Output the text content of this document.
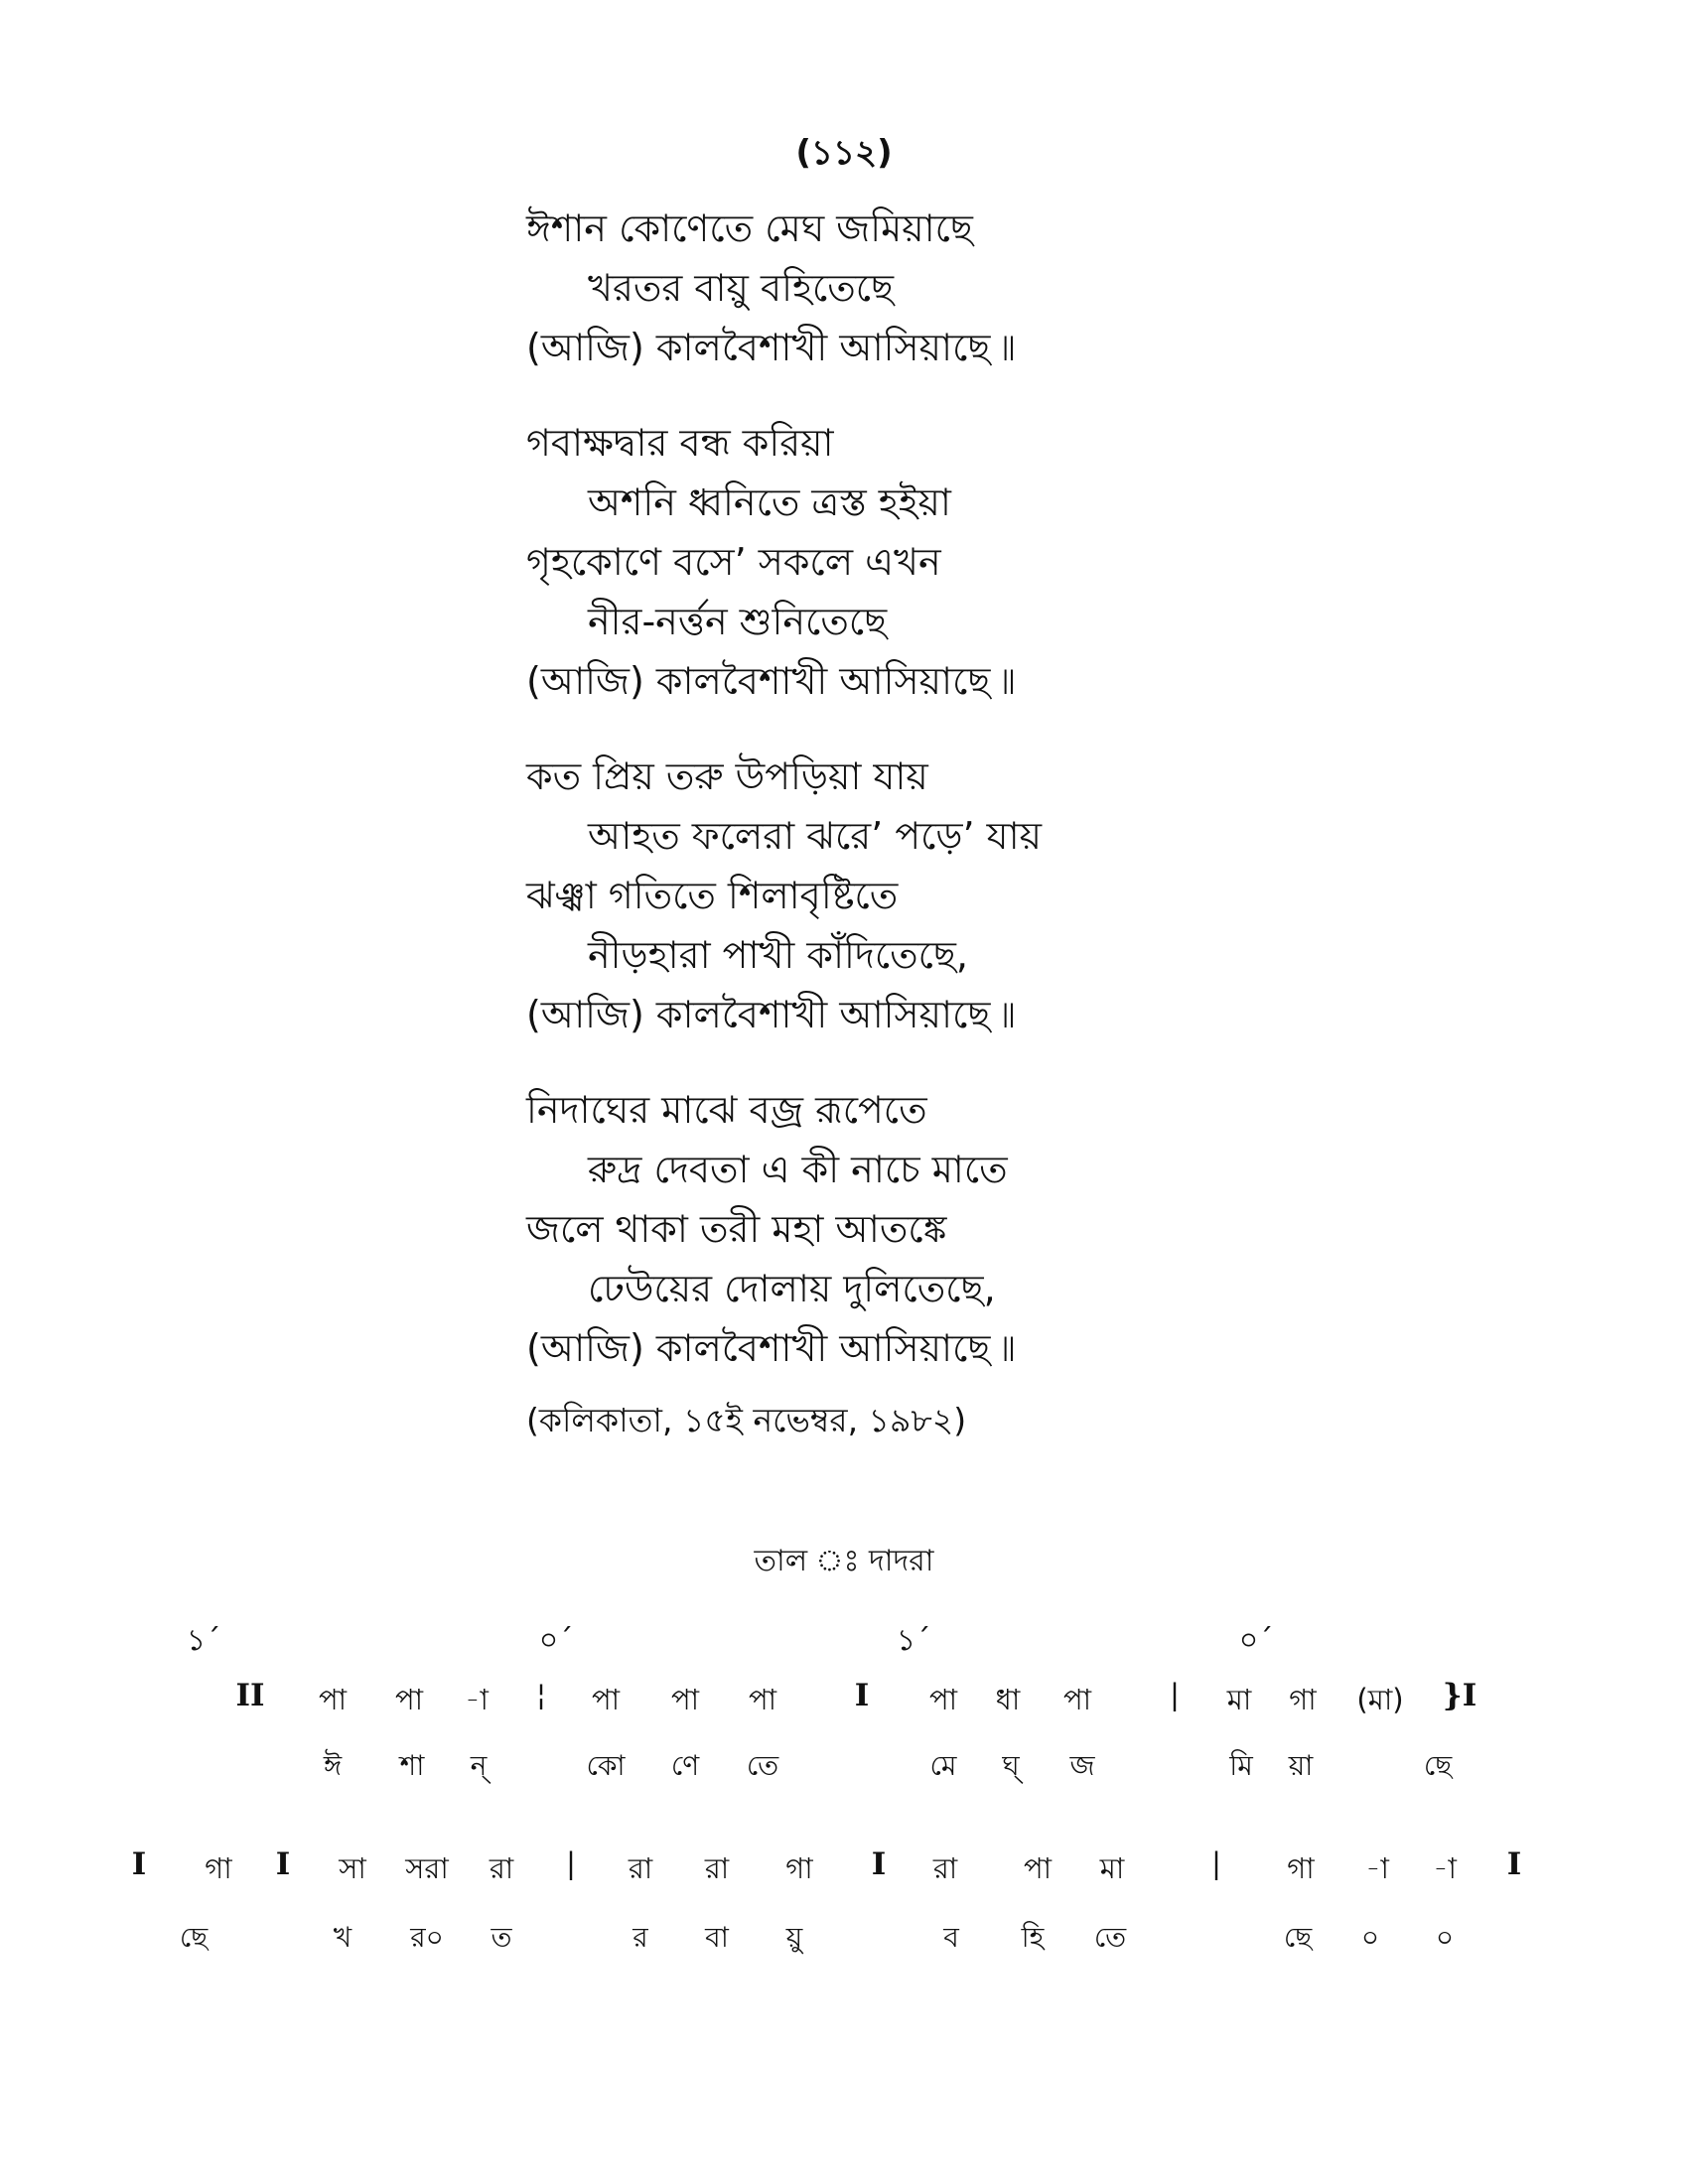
(১১২)
ঈশান কোণেতে মেঘ জমিয়াছে
খরতর বায়ু বহিতেছে
(আজি) কালবৈশাখী আসিয়াছে ৷৷
গবাক্ষদ্বার বন্ধ করিয়া
অশনি ধ্বনিতে ত্রস্ত হইয়া
গৃহকোণে বসে’ সকলে এখন
নীর-নর্ত্তন শুনিতেছে
(আজি) কালবৈশাখী আসিয়াছে ৷৷
কত প্রিয় তরু উপড়িয়া যায়
আহত ফলেরা ঝরে’ পড়ে’ যায়
ঝঞ্ঝা গতিতে শিলাবৃষ্টিতে
নীড়হারা পাখী কাঁদিতেছে,
(আজি) কালবৈশাখী আসিয়াছে ৷৷
নিদাঘের মাঝে বজ্র রূপেতে
রুদ্র দেবতা এ কী নাচে মাতে
জলে থাকা তরী মহা আতঙ্কে
ঢেউয়ের দোলায় দুলিতেছে,
(আজি) কালবৈশাখী আসিয়াছে ৷৷
(কলিকাতা, ১৫ই নভেম্বর, ১৯৮২)
তাল ঃ দাদরা
১´	০´	১´	০´
II পা পা -া ¦ পা পা পা	I পা ধা পা	| মা গা (মা) }I
ঈ শা ন্	কো ণে তে	মে ঘ্ জ	মি য়া	ছে
I গা I সা সরা রা | রা রা গা I রা পা মা	| গা -া -া I
ছে	খ র০ ত	র বা য়ু	ব হি তে	ছে ০ ০
